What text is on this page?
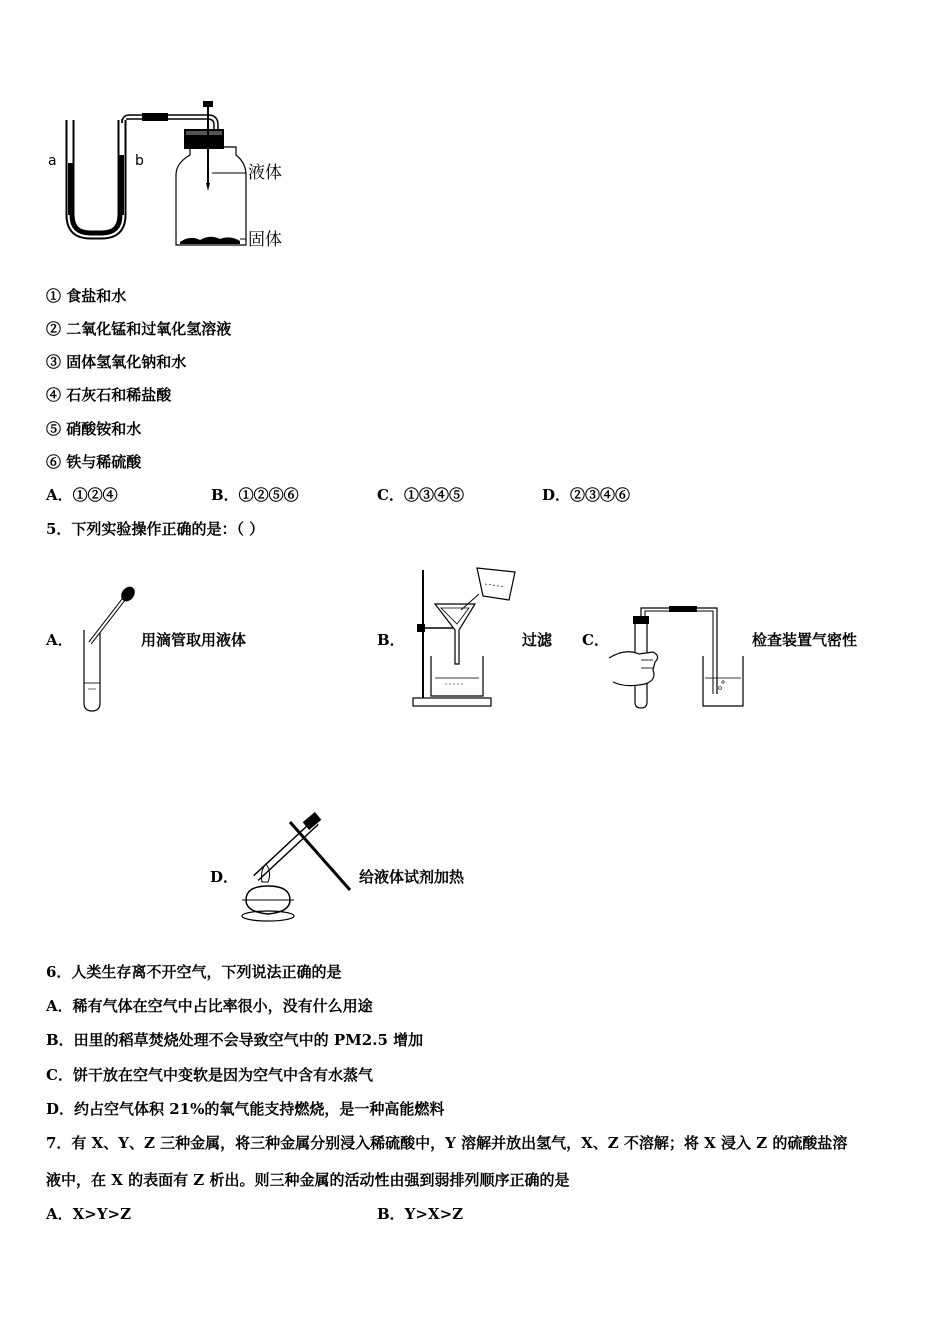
a	b
液体
固体
① 食盐和水
② 二氧化锰和过氧化氢溶液
③ 固体氢氧化钠和水
④ 石灰石和稀盐酸
⑤ 硝酸铵和水
⑥ 铁与稀硫酸
A．①②④	B．①②⑤⑥	C．①③④⑤	D．②③④⑥
5．下列实验操作正确的是：（ ）
A．	用滴管取用液体	B．	过滤 C．	检查装置气密性
D．	给液体试剂加热
6．人类生存离不开空气，下列说法正确的是
A．稀有气体在空气中占比率很小，没有什么用途
B．田里的稻草焚烧处理不会导致空气中的 PM2.5 增加
C．饼干放在空气中变软是因为空气中含有水蒸气
D．约占空气体积 21%的氧气能支持燃烧，是一种高能燃料
7．有 X、Y、Z 三种金属，将三种金属分别浸入稀硫酸中，Y 溶解并放出氢气，X、Z 不溶解；将 X 浸入 Z 的硫酸盐溶
液中，在 X 的表面有 Z 析出。则三种金属的活动性由强到弱排列顺序正确的是
A．X>Y>Z	B．Y>X>Z
